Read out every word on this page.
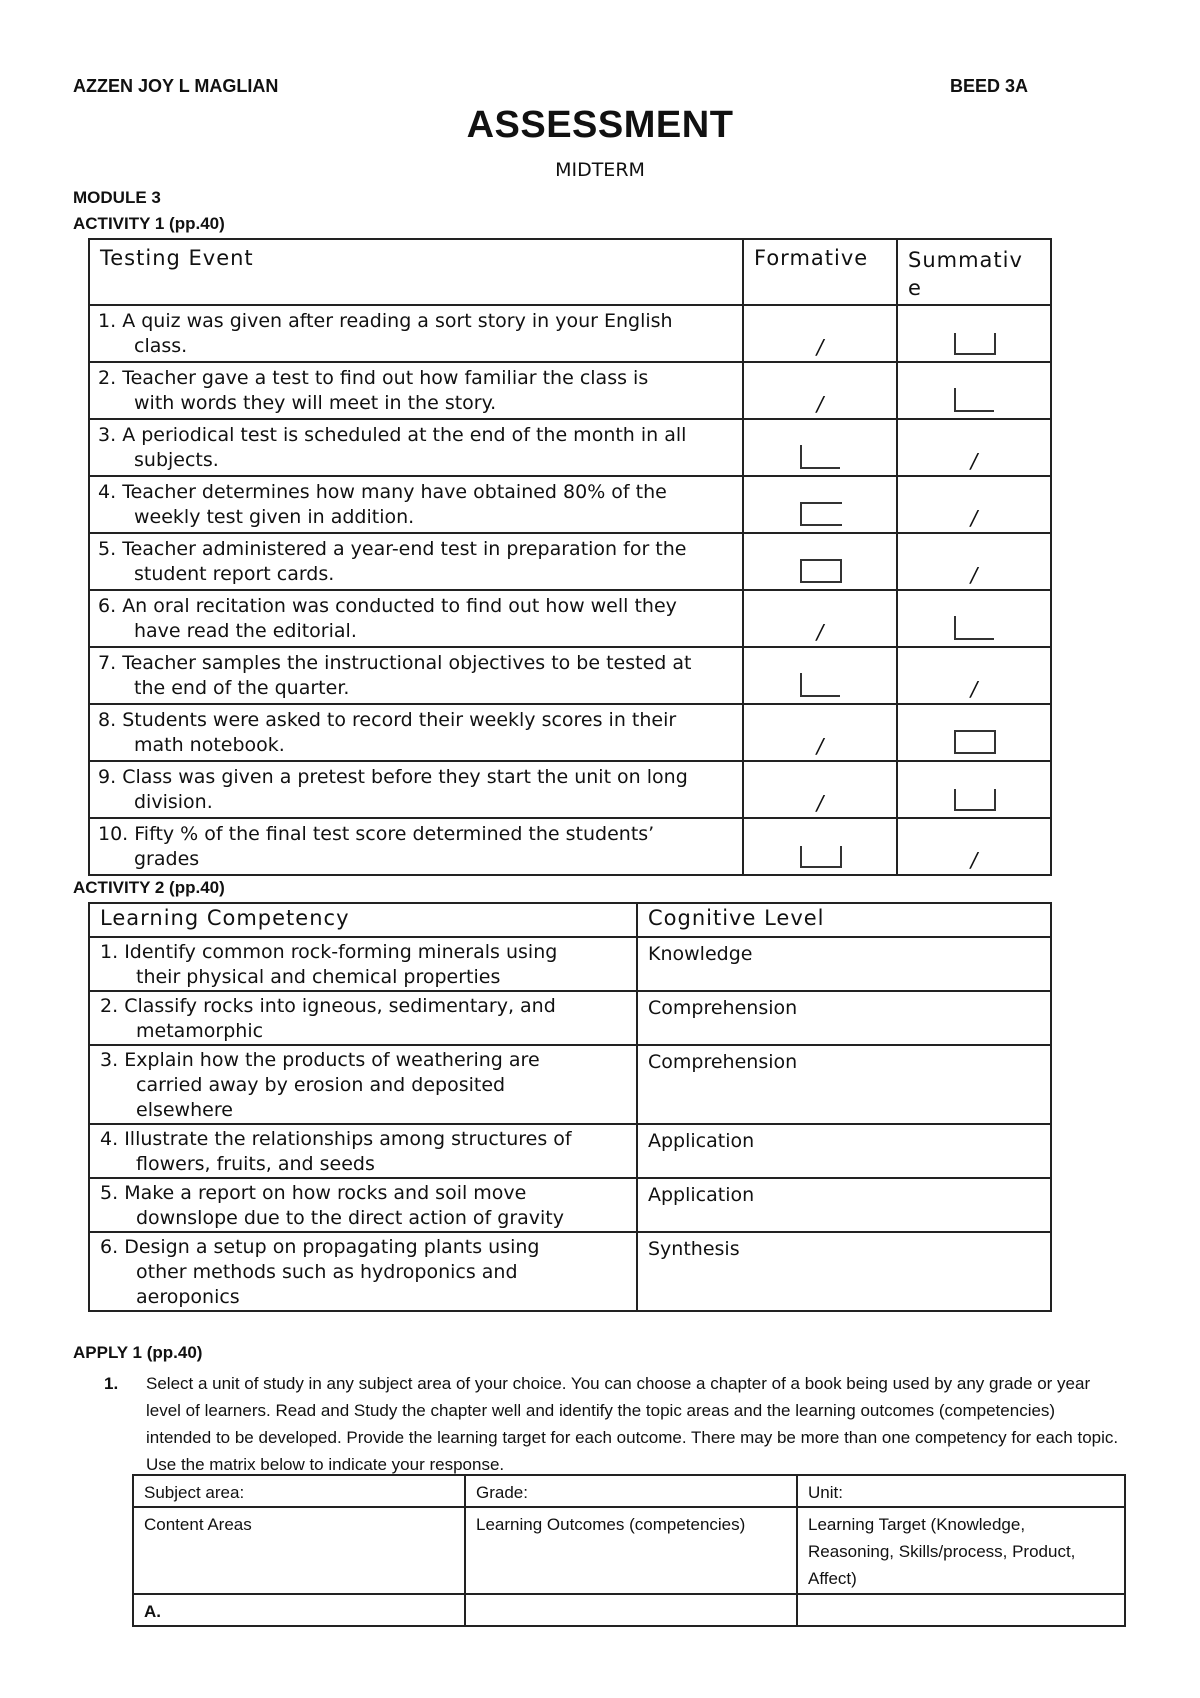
AZZEN JOY L MAGLIAN	BEED 3A
ASSESSMENT
MIDTERM
MODULE 3
ACTIVITY 1 (pp.40)
Testing Event	Formative	Summativ e

1. A quiz was given after reading a sort story in your English
class.	/	

2. Teacher gave a test to find out how familiar the class is
with words they will meet in the story.	/	

3. A periodical test is scheduled at the end of the month in all
subjects.		/

4. Teacher determines how many have obtained 80% of the
weekly test given in addition.		/

5. Teacher administered a year-end test in preparation for the
student report cards.		/

6. An oral recitation was conducted to find out how well they
have read the editorial.	/	

7. Teacher samples the instructional objectives to be tested at
the end of the quarter.		/

8. Students were asked to record their weekly scores in their
math notebook.	/	

9. Class was given a pretest before they start the unit on long
division.	/	

10. Fifty % of the final test score determined the students’
grades		/
ACTIVITY 2 (pp.40)
Learning Competency	Cognitive Level

1. Identify common rock-forming minerals using
their physical and chemical properties	Knowledge

2. Classify rocks into igneous, sedimentary, and
metamorphic	Comprehension

3. Explain how the products of weathering are
carried away by erosion and deposited
elsewhere	Comprehension

4. Illustrate the relationships among structures of
flowers, fruits, and seeds	Application

5. Make a report on how rocks and soil move
downslope due to the direct action of gravity	Application

6. Design a setup on propagating plants using
other methods such as hydroponics and
aeroponics	Synthesis
APPLY 1 (pp.40)
1. Select a unit of study in any subject area of your choice. You can choose a chapter of a book being used by any grade or year level of learners. Read and Study the chapter well and identify the topic areas and the learning outcomes (competencies) intended to be developed. Provide the learning target for each outcome. There may be more than one competency for each topic. Use the matrix below to indicate your response.
Subject area:	Grade:	Unit:
Content Areas	Learning Outcomes (competencies)	Learning Target (Knowledge, Reasoning, Skills/process, Product, Affect)
A.		
